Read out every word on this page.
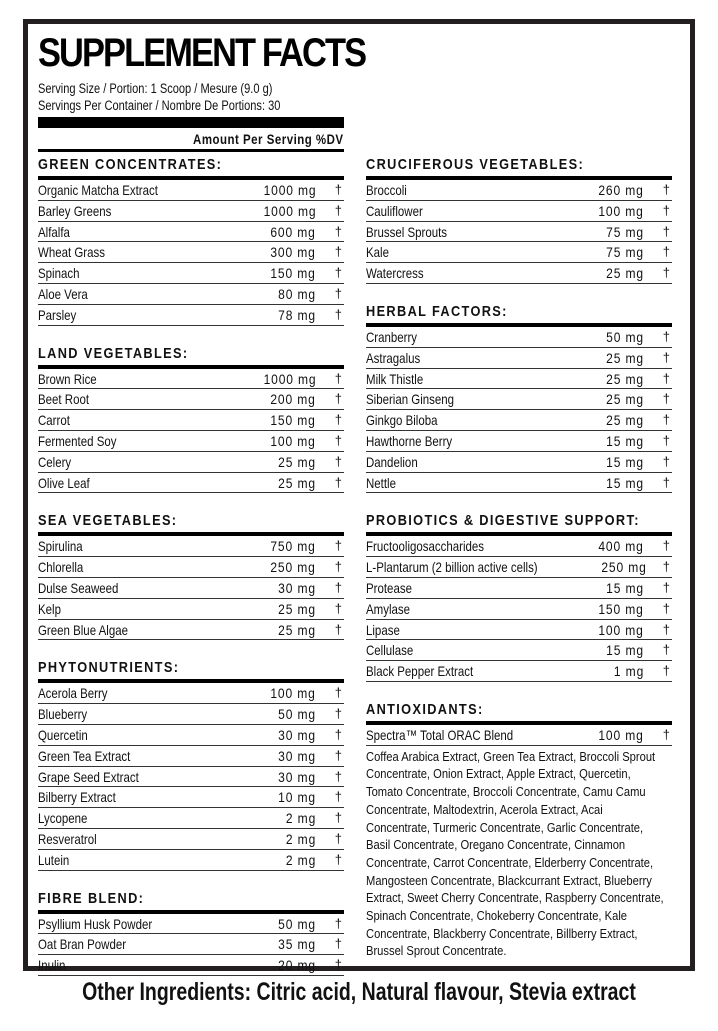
SUPPLEMENT FACTS
Serving Size / Portion: 1 Scoop / Mesure (9.0 g)
Servings Per Container / Nombre De Portions: 30
Amount Per Serving %DV
GREEN CONCENTRATES:
Organic Matcha Extract	1000 mg	†
Barley Greens	1000 mg	†
Alfalfa	600 mg	†
Wheat Grass	300 mg	†
Spinach	150 mg	†
Aloe Vera	80 mg	†
Parsley	78 mg	†
LAND VEGETABLES:
Brown Rice	1000 mg	†
Beet Root	200 mg	†
Carrot	150 mg	†
Fermented Soy	100 mg	†
Celery	25 mg	†
Olive Leaf	25 mg	†
SEA VEGETABLES:
Spirulina	750 mg	†
Chlorella	250 mg	†
Dulse Seaweed	30 mg	†
Kelp	25 mg	†
Green Blue Algae	25 mg	†
PHYTONUTRIENTS:
Acerola Berry	100 mg	†
Blueberry	50 mg	†
Quercetin	30 mg	†
Green Tea Extract	30 mg	†
Grape Seed Extract	30 mg	†
Bilberry Extract	10 mg	†
Lycopene	2 mg	†
Resveratrol	2 mg	†
Lutein	2 mg	†
FIBRE BLEND:
Psyllium Husk Powder	50 mg	†
Oat Bran Powder	35 mg	†
Inulin	20 mg	†
CRUCIFEROUS VEGETABLES:
Broccoli	260 mg	†
Cauliflower	100 mg	†
Brussel Sprouts	75 mg	†
Kale	75 mg	†
Watercress	25 mg	†
HERBAL FACTORS:
Cranberry	50 mg	†
Astragalus	25 mg	†
Milk Thistle	25 mg	†
Siberian Ginseng	25 mg	†
Ginkgo Biloba	25 mg	†
Hawthorne Berry	15 mg	†
Dandelion	15 mg	†
Nettle	15 mg	†
PROBIOTICS & DIGESTIVE SUPPORT:
Fructooligosaccharides	400 mg	†
L-Plantarum (2 billion active cells)	250 mg	†
Protease	15 mg	†
Amylase	150 mg	†
Lipase	100 mg	†
Cellulase	15 mg	†
Black Pepper Extract	1 mg	†
ANTIOXIDANTS:
Spectra™ Total ORAC Blend	100 mg	†
Coffea Arabica Extract, Green Tea Extract, Broccoli Sprout Concentrate, Onion Extract, Apple Extract, Quercetin, Tomato Concentrate, Broccoli Concentrate, Camu Camu Concentrate, Maltodextrin, Acerola Extract, Acai Concentrate, Turmeric Concentrate, Garlic Concentrate, Basil Concentrate, Oregano Concentrate, Cinnamon Concentrate, Carrot Concentrate, Elderberry Concentrate, Mangosteen Concentrate, Blackcurrant Extract, Blueberry Extract, Sweet Cherry Concentrate, Raspberry Concentrate, Spinach Concentrate, Chokeberry Concentrate, Kale Concentrate, Blackberry Concentrate, Billberry Extract, Brussel Sprout Concentrate.
Other Ingredients: Citric acid, Natural flavour, Stevia extract
